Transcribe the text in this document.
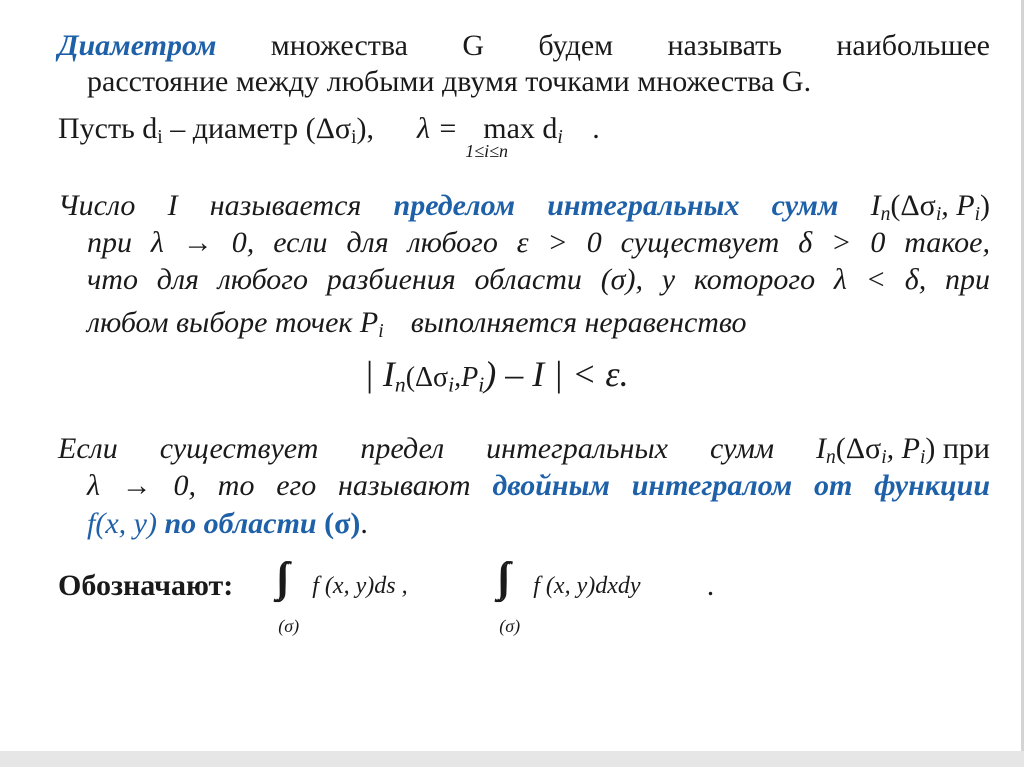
Диаметром множества G будем называть наибольшее
расстояние между любыми двумя точками множества G.
Пусть $d_i$ – диаметр $(\Delta\sigma_i)$, $\lambda = \max d_i$
1≤i≤n
.
Число I называется пределом интегральных сумм $I_n(\Delta\sigma_i$, $P_i$)
при λ → 0, если для любого ε > 0 существует δ > 0 такое,
что для любого разбиения области (σ), у которого λ < δ, при
любом выборе точек $P_i$ выполняется неравенство
| $I_n(\Delta\sigma_i,P_i)$ – I | < ε.
Если существует предел интегральных сумм $I_n(\Delta\sigma_i$, $P_i$) при
λ → 0, то его называют двойным интегралом от функции
f(x, y) по области (σ).
Обозначают:	f (x, y)ds ,
(σ)

f (x, y)dxdy
(σ)
.
